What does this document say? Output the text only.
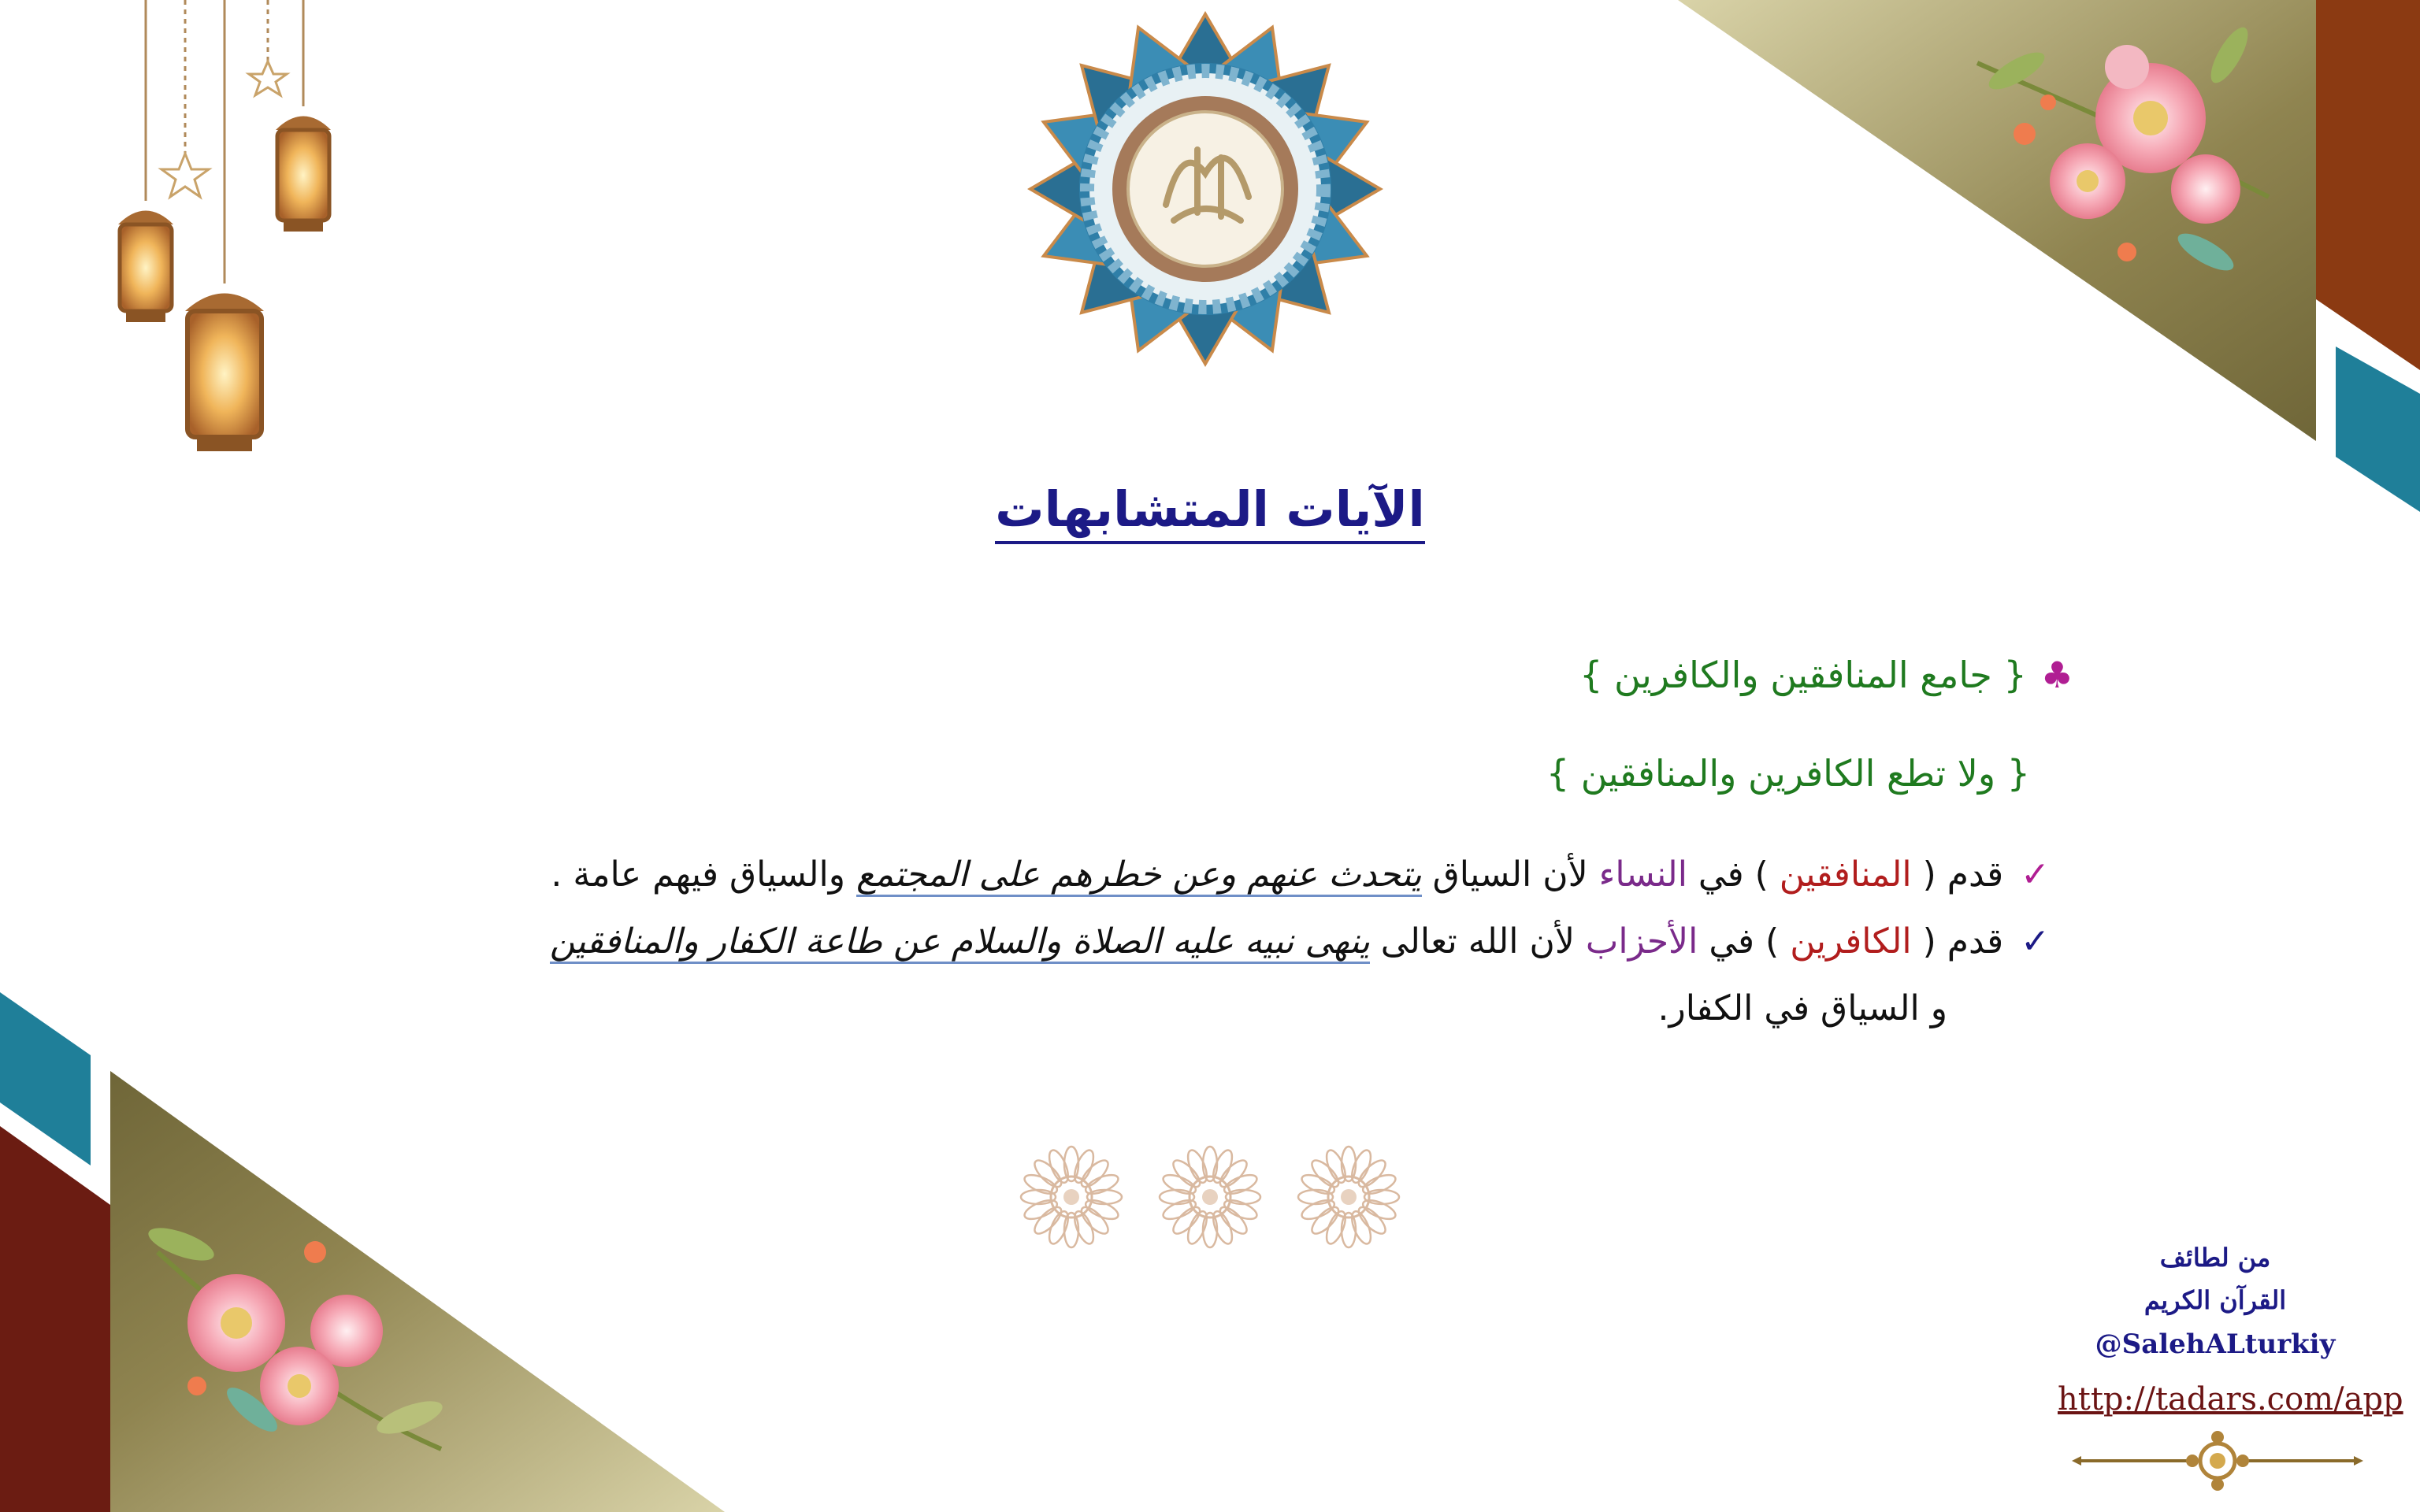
الآيات المتشابهات
♣{ جامع المنافقين والكافرين }
{ ولا تطع الكافرين والمنافقين }
✓قدم ( المنافقين ) في النساء لأن السياق يتحدث عنهم وعن خطرهم على المجتمع والسياق فيهم عامة .
✓قدم ( الكافرين ) في الأحزاب لأن الله تعالى ينهى نبيه عليه الصلاة والسلام عن طاعة الكفار والمنافقين
و السياق في الكفار.
من لطائف
القرآن الكريم
@SalehALturkiy
http://tadars.com/app
